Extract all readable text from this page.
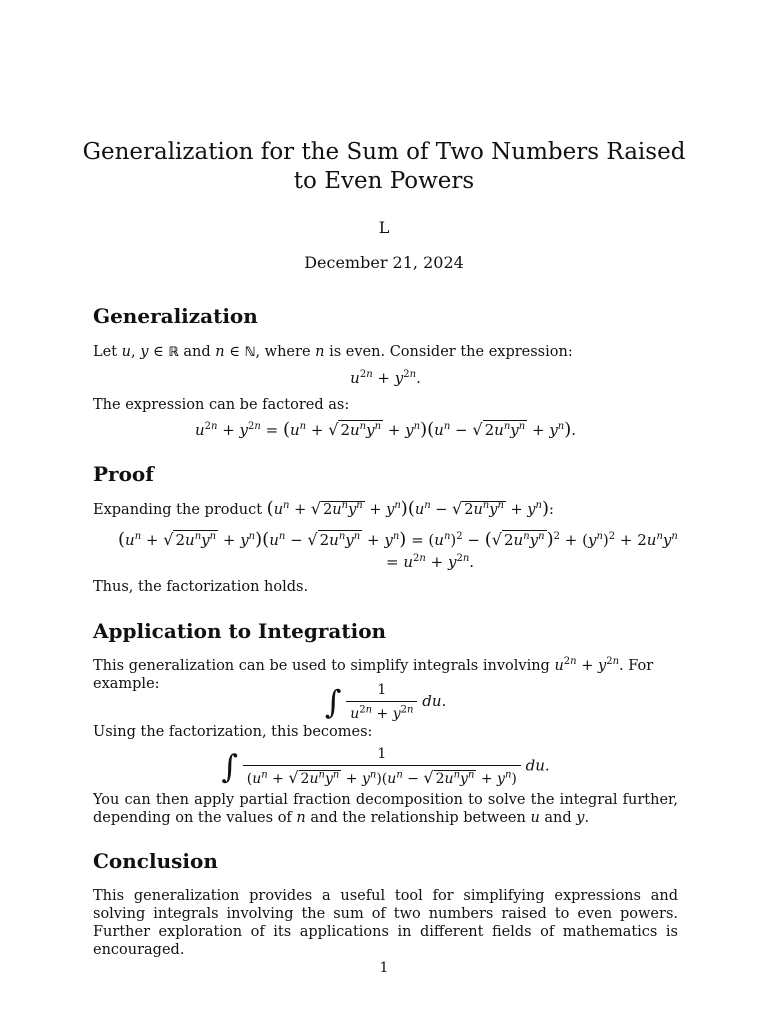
Generalization for the Sum of Two Numbers Raised to Even Powers
L
December 21, 2024
Generalization

Let u, y ∈ ℝ and n ∈ ℕ, where n is even. Consider the expression:

$u^{2n} + y^{2n}$.

The expression can be factored as:

$u^{2n} + y^{2n} = (u^n$ + √ $2u^ny^n + y^n)(u^n$ − √ $2u^ny^n + y^n$).

Proof

Expanding the product ($u^n$ + √ $2u^ny^n + y^n)(u^n$ − √ $2u^ny^n + y^n$):

($u^n$ + √ $2u^ny^n + y^n)(u^n$ − √ $2u^ny^n + y^n) = (u^n)^2$ − (√ $2u^ny^n$ )$^2 + (y^n)^2 + 2u^ny^n$

= $u^{2n} + y^{2n}$.

Thus, the factorization holds.

Application to Integration

This generalization can be used to simplify integrals involving $u^{2n} + y^{2n}$. For example:	∫ $\frac{1}{u^{2n} + y^{2n}}$ du.

Using the factorization, this becomes:

∫ $\frac{1}{(u^n + √ 2u^ny^n + y^n)(u^n - √ 2u^ny^n + y^n)}$ du.

You can then apply partial fraction decomposition to solve the integral further, depending on the values of n and the relationship between u and y.

Conclusion

This generalization provides a useful tool for simplifying expressions and solving integrals involving the sum of two numbers raised to even powers. Further exploration of its applications in different fields of mathematics is encouraged.

1
